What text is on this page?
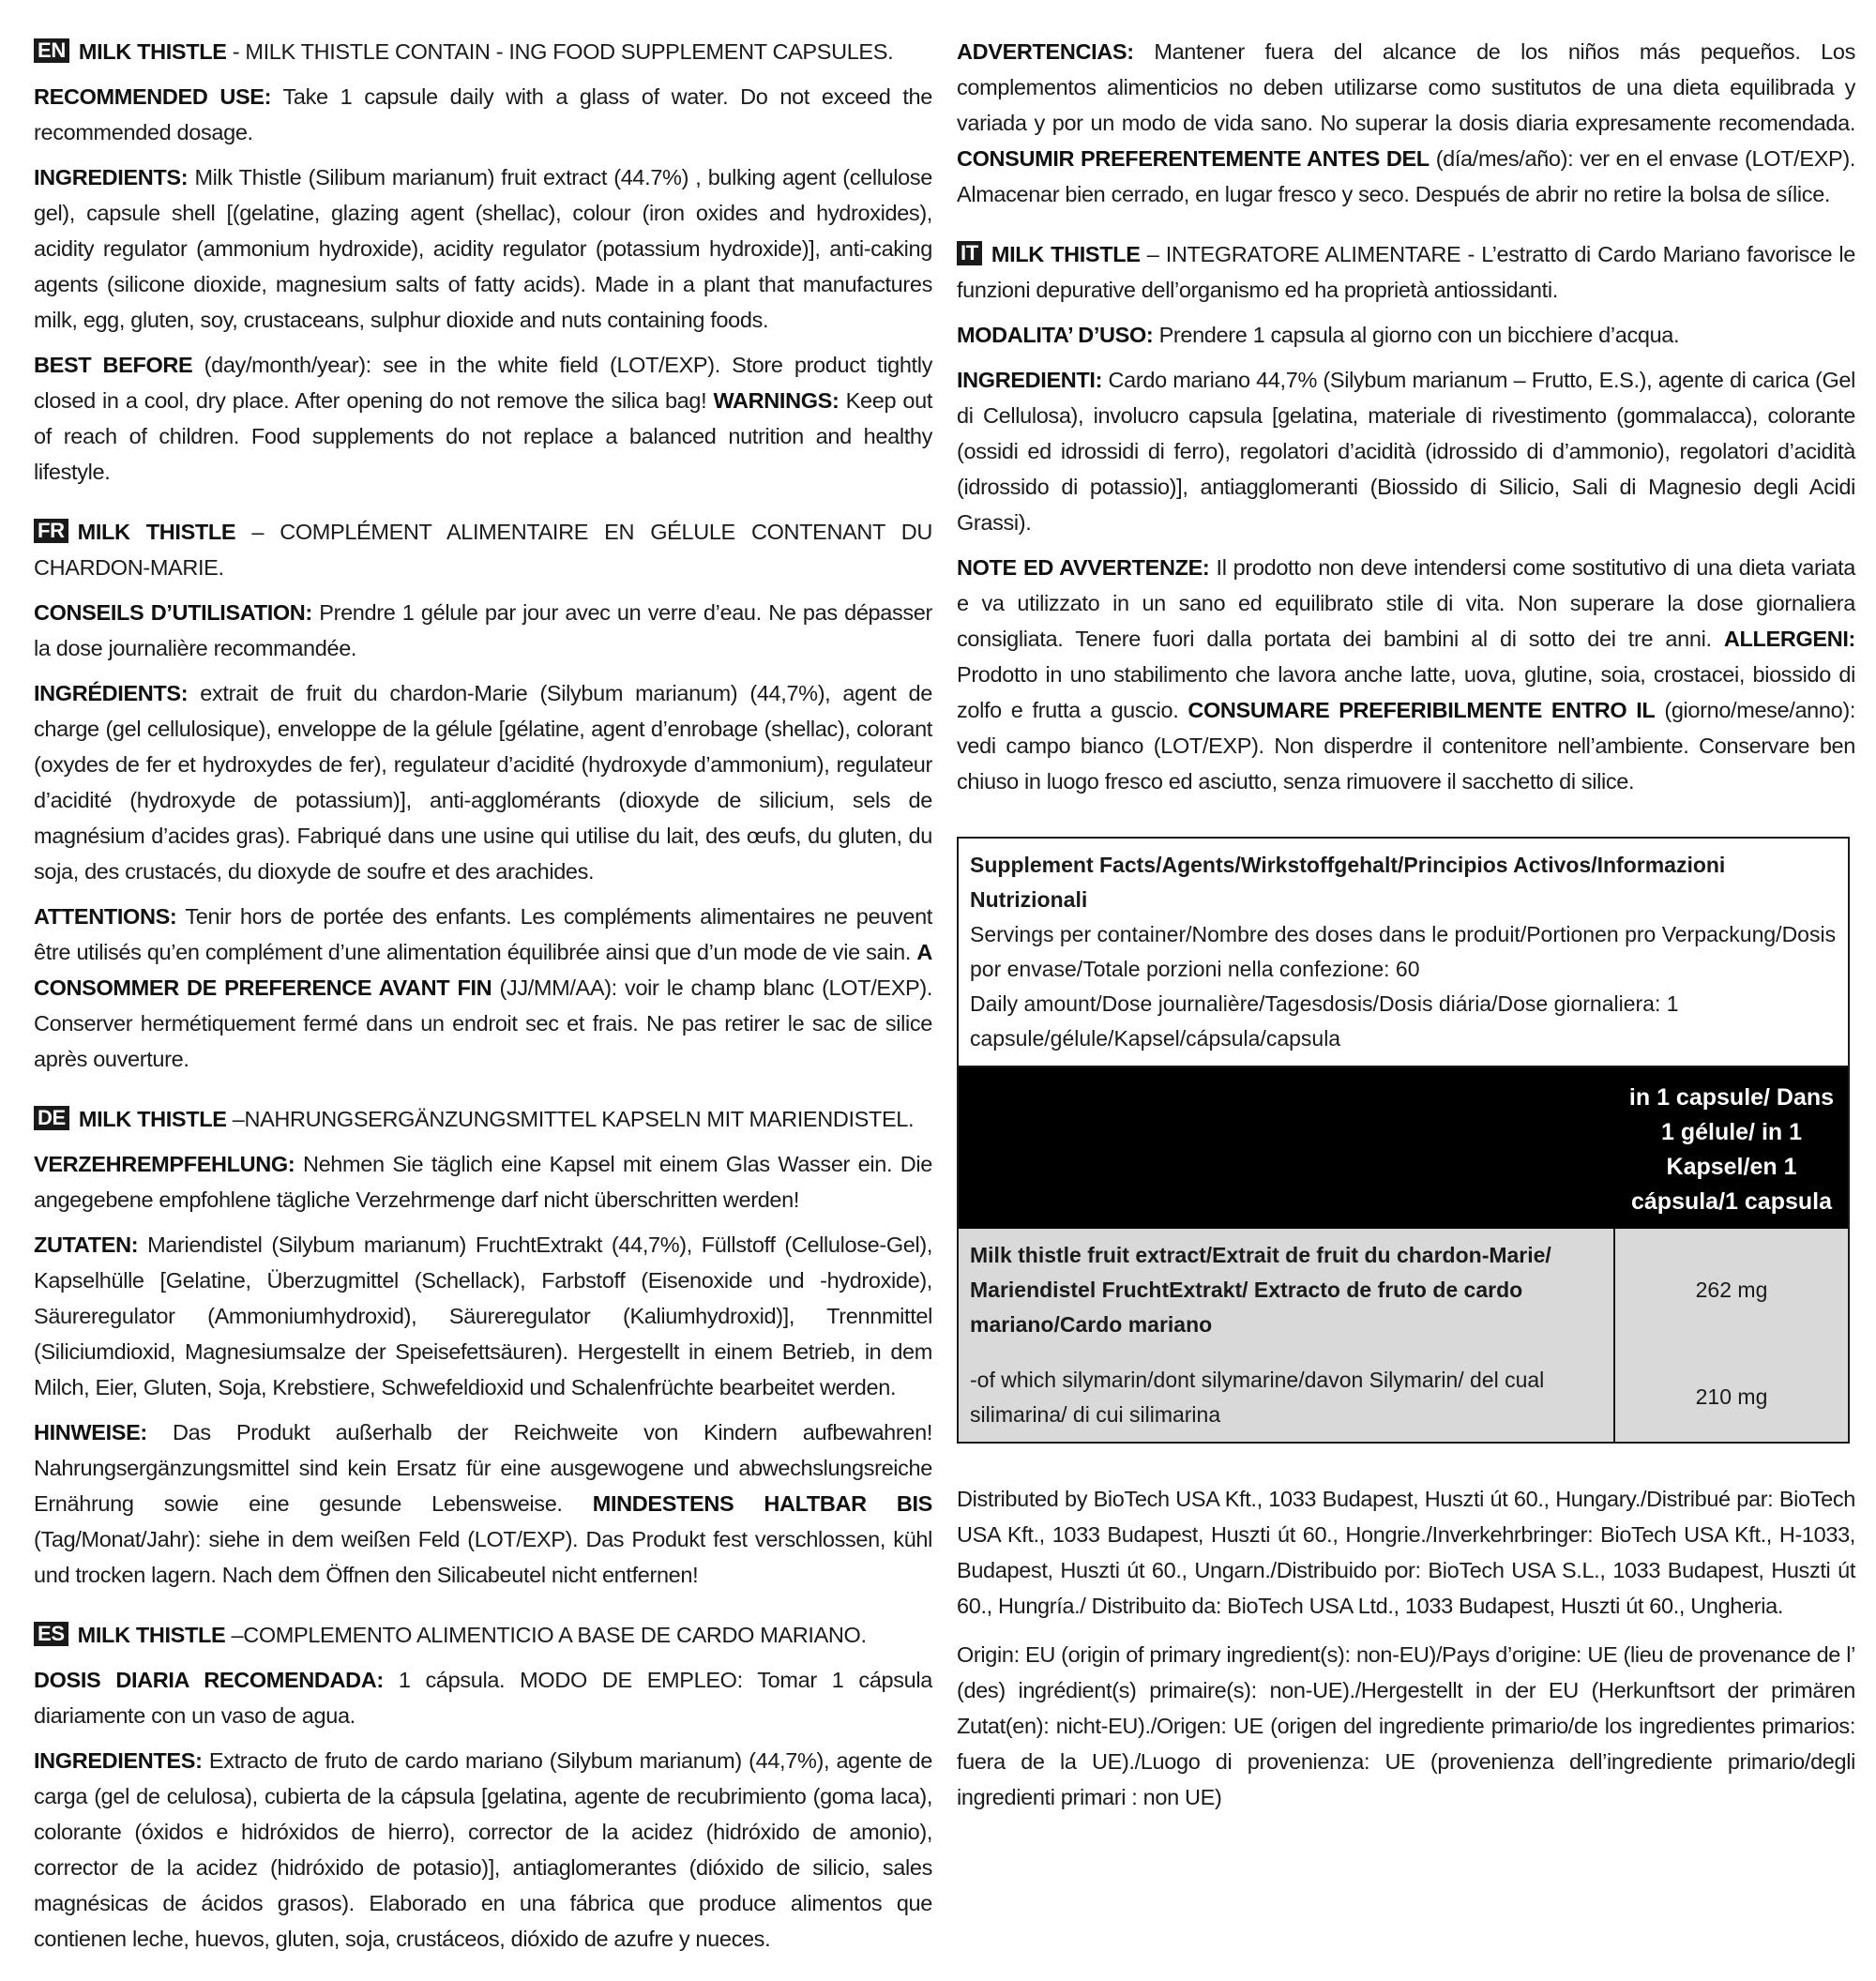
EN MILK THISTLE - MILK THISTLE CONTAIN - ING FOOD SUPPLEMENT CAPSULES.

RECOMMENDED USE: Take 1 capsule daily with a glass of water. Do not exceed the recommended dosage.

INGREDIENTS: Milk Thistle (Silibum marianum) fruit extract (44.7%) , bulking agent (cellulose gel), capsule shell [(gelatine, glazing agent (shellac), colour (iron oxides and hydroxides), acidity regulator (ammonium hydroxide), acidity regulator (potassium hydroxide)], anti-caking agents (silicone dioxide, magnesium salts of fatty acids). Made in a plant that manufactures milk, egg, gluten, soy, crustaceans, sulphur dioxide and nuts containing foods.

BEST BEFORE (day/month/year): see in the white field (LOT/EXP). Store product tightly closed in a cool, dry place. After opening do not remove the silica bag! WARNINGS: Keep out of reach of children. Food supplements do not replace a balanced nutrition and healthy lifestyle.

FR MILK THISTLE – COMPLÉMENT ALIMENTAIRE EN GÉLULE CONTENANT DU CHARDON-MARIE.

CONSEILS D’UTILISATION: Prendre 1 gélule par jour avec un verre d’eau. Ne pas dépasser la dose journalière recommandée.

INGRÉDIENTS: extrait de fruit du chardon-Marie (Silybum marianum) (44,7%), agent de charge (gel cellulosique), enveloppe de la gélule [gélatine, agent d’enrobage (shellac), colorant (oxydes de fer et hydroxydes de fer), regulateur d’acidité (hydroxyde d’ammonium), regulateur d’acidité (hydroxyde de potassium)], anti-agglomérants (dioxyde de silicium, sels de magnésium d’acides gras). Fabriqué dans une usine qui utilise du lait, des œufs, du gluten, du soja, des crustacés, du dioxyde de soufre et des arachides.

ATTENTIONS: Tenir hors de portée des enfants. Les compléments alimentaires ne peuvent être utilisés qu’en complément d’une alimentation équilibrée ainsi que d’un mode de vie sain. A CONSOMMER DE PREFERENCE AVANT FIN (JJ/MM/AA): voir le champ blanc (LOT/EXP). Conserver hermétiquement fermé dans un endroit sec et frais. Ne pas retirer le sac de silice après ouverture.

DE MILK THISTLE –NAHRUNGSERGÄNZUNGSMITTEL KAPSELN MIT MARIENDISTEL.

VERZEHREMPFEHLUNG: Nehmen Sie täglich eine Kapsel mit einem Glas Wasser ein. Die angegebene empfohlene tägliche Verzehrmenge darf nicht überschritten werden!

ZUTATEN: Mariendistel (Silybum marianum) FruchtExtrakt (44,7%), Füllstoff (Cellulose-Gel), Kapselhülle [Gelatine, Überzugmittel (Schellack), Farbstoff (Eisenoxide und -hydroxide), Säureregulator (Ammoniumhydroxid), Säureregulator (Kaliumhydroxid)], Trennmittel (Siliciumdioxid, Magnesiumsalze der Speisefettsäuren). Hergestellt in einem Betrieb, in dem Milch, Eier, Gluten, Soja, Krebstiere, Schwefeldioxid und Schalenfrüchte bearbeitet werden.

HINWEISE: Das Produkt außerhalb der Reichweite von Kindern aufbewahren! Nahrungsergänzungsmittel sind kein Ersatz für eine ausgewogene und abwechslungsreiche Ernährung sowie eine gesunde Lebensweise. MINDESTENS HALTBAR BIS (Tag/Monat/Jahr): siehe in dem weißen Feld (LOT/EXP). Das Produkt fest verschlossen, kühl und trocken lagern. Nach dem Öffnen den Silicabeutel nicht entfernen!

ES MILK THISTLE –COMPLEMENTO ALIMENTICIO A BASE DE CARDO MARIANO.

DOSIS DIARIA RECOMENDADA: 1 cápsula. MODO DE EMPLEO: Tomar 1 cápsula diariamente con un vaso de agua.

INGREDIENTES: Extracto de fruto de cardo mariano (Silybum marianum) (44,7%), agente de carga (gel de celulosa), cubierta de la cápsula [gelatina, agente de recubrimiento (goma laca), colorante (óxidos e hidróxidos de hierro), corrector de la acidez (hidróxido de amonio), corrector de la acidez (hidróxido de potasio)], antiaglomerantes (dióxido de silicio, sales magnésicas de ácidos grasos). Elaborado en una fábrica que produce alimentos que contienen leche, huevos, gluten, soja, crustáceos, dióxido de azufre y nueces.

ADVERTENCIAS: Mantener fuera del alcance de los niños más pequeños. Los complementos alimenticios no deben utilizarse como sustitutos de una dieta equilibrada y variada y por un modo de vida sano. No superar la dosis diaria expresamente recomendada. CONSUMIR PREFERENTEMENTE ANTES DEL (día/mes/año): ver en el envase (LOT/EXP). Almacenar bien cerrado, en lugar fresco y seco. Después de abrir no retire la bolsa de sílice.

IT MILK THISTLE – INTEGRATORE ALIMENTARE - L’estratto di Cardo Mariano favorisce le funzioni depurative dell’organismo ed ha proprietà antiossidanti.

MODALITA’ D’USO: Prendere 1 capsula al giorno con un bicchiere d’acqua.

INGREDIENTI: Cardo mariano 44,7% (Silybum marianum – Frutto, E.S.), agente di carica (Gel di Cellulosa), involucro capsula [gelatina, materiale di rivestimento (gommalacca), colorante (ossidi ed idrossidi di ferro), regolatori d’acidità (idrossido di d’ammonio), regolatori d’acidità (idrossido di potassio)], antiagglomeranti (Biossido di Silicio, Sali di Magnesio degli Acidi Grassi).

NOTE ED AVVERTENZE: Il prodotto non deve intendersi come sostitutivo di una dieta variata e va utilizzato in un sano ed equilibrato stile di vita. Non superare la dose giornaliera consigliata. Tenere fuori dalla portata dei bambini al di sotto dei tre anni. ALLERGENI: Prodotto in uno stabilimento che lavora anche latte, uova, glutine, soia, crostacei, biossido di zolfo e frutta a guscio. CONSUMARE PREFERIBILMENTE ENTRO IL (giorno/mese/anno): vedi campo bianco (LOT/EXP). Non disperdre il contenitore nell’ambiente. Conservare ben chiuso in luogo fresco ed asciutto, senza rimuovere il sacchetto di silice.

Supplement Facts/Agents/Wirkstoffgehalt/Principios Activos/Informazioni Nutrizionali
Servings per container/Nombre des doses dans le produit/Portionen pro Verpackung/Dosis por envase/Totale porzioni nella confezione: 60
Daily amount/Dose journalière/Tagesdosis/Dosis diária/Dose giornaliera: 1 capsule/gélule/Kapsel/cápsula/capsula
in 1 capsule/ Dans 1 gélule/ in 1 Kapsel/en 1 cápsula/1 capsula
Milk thistle fruit extract/Extrait de fruit du chardon-Marie/ Mariendistel FruchtExtrakt/ Extracto de fruto de cardo mariano/Cardo mariano
262 mg
-of which silymarin/dont silymarine/davon Silymarin/ del cual silimarina/ di cui silimarina
210 mg

Distributed by BioTech USA Kft., 1033 Budapest, Huszti út 60., Hungary./Distribué par: BioTech USA Kft., 1033 Budapest, Huszti út 60., Hongrie./Inverkehrbringer: BioTech USA Kft., H-1033, Budapest, Huszti út 60., Ungarn./Distribuido por: BioTech USA S.L., 1033 Budapest, Huszti út 60., Hungría./ Distribuito da: BioTech USA Ltd., 1033 Budapest, Huszti út 60., Ungheria.

Origin: EU (origin of primary ingredient(s): non-EU)/Pays d’origine: UE (lieu de provenance de l’ (des) ingrédient(s) primaire(s): non-UE)./Hergestellt in der EU (Herkunftsort der primären Zutat(en): nicht-EU)./Origen: UE (origen del ingrediente primario/de los ingredientes primarios: fuera de la UE)./Luogo di provenienza: UE (provenienza dell’ingrediente primario/degli ingredienti primari : non UE)
